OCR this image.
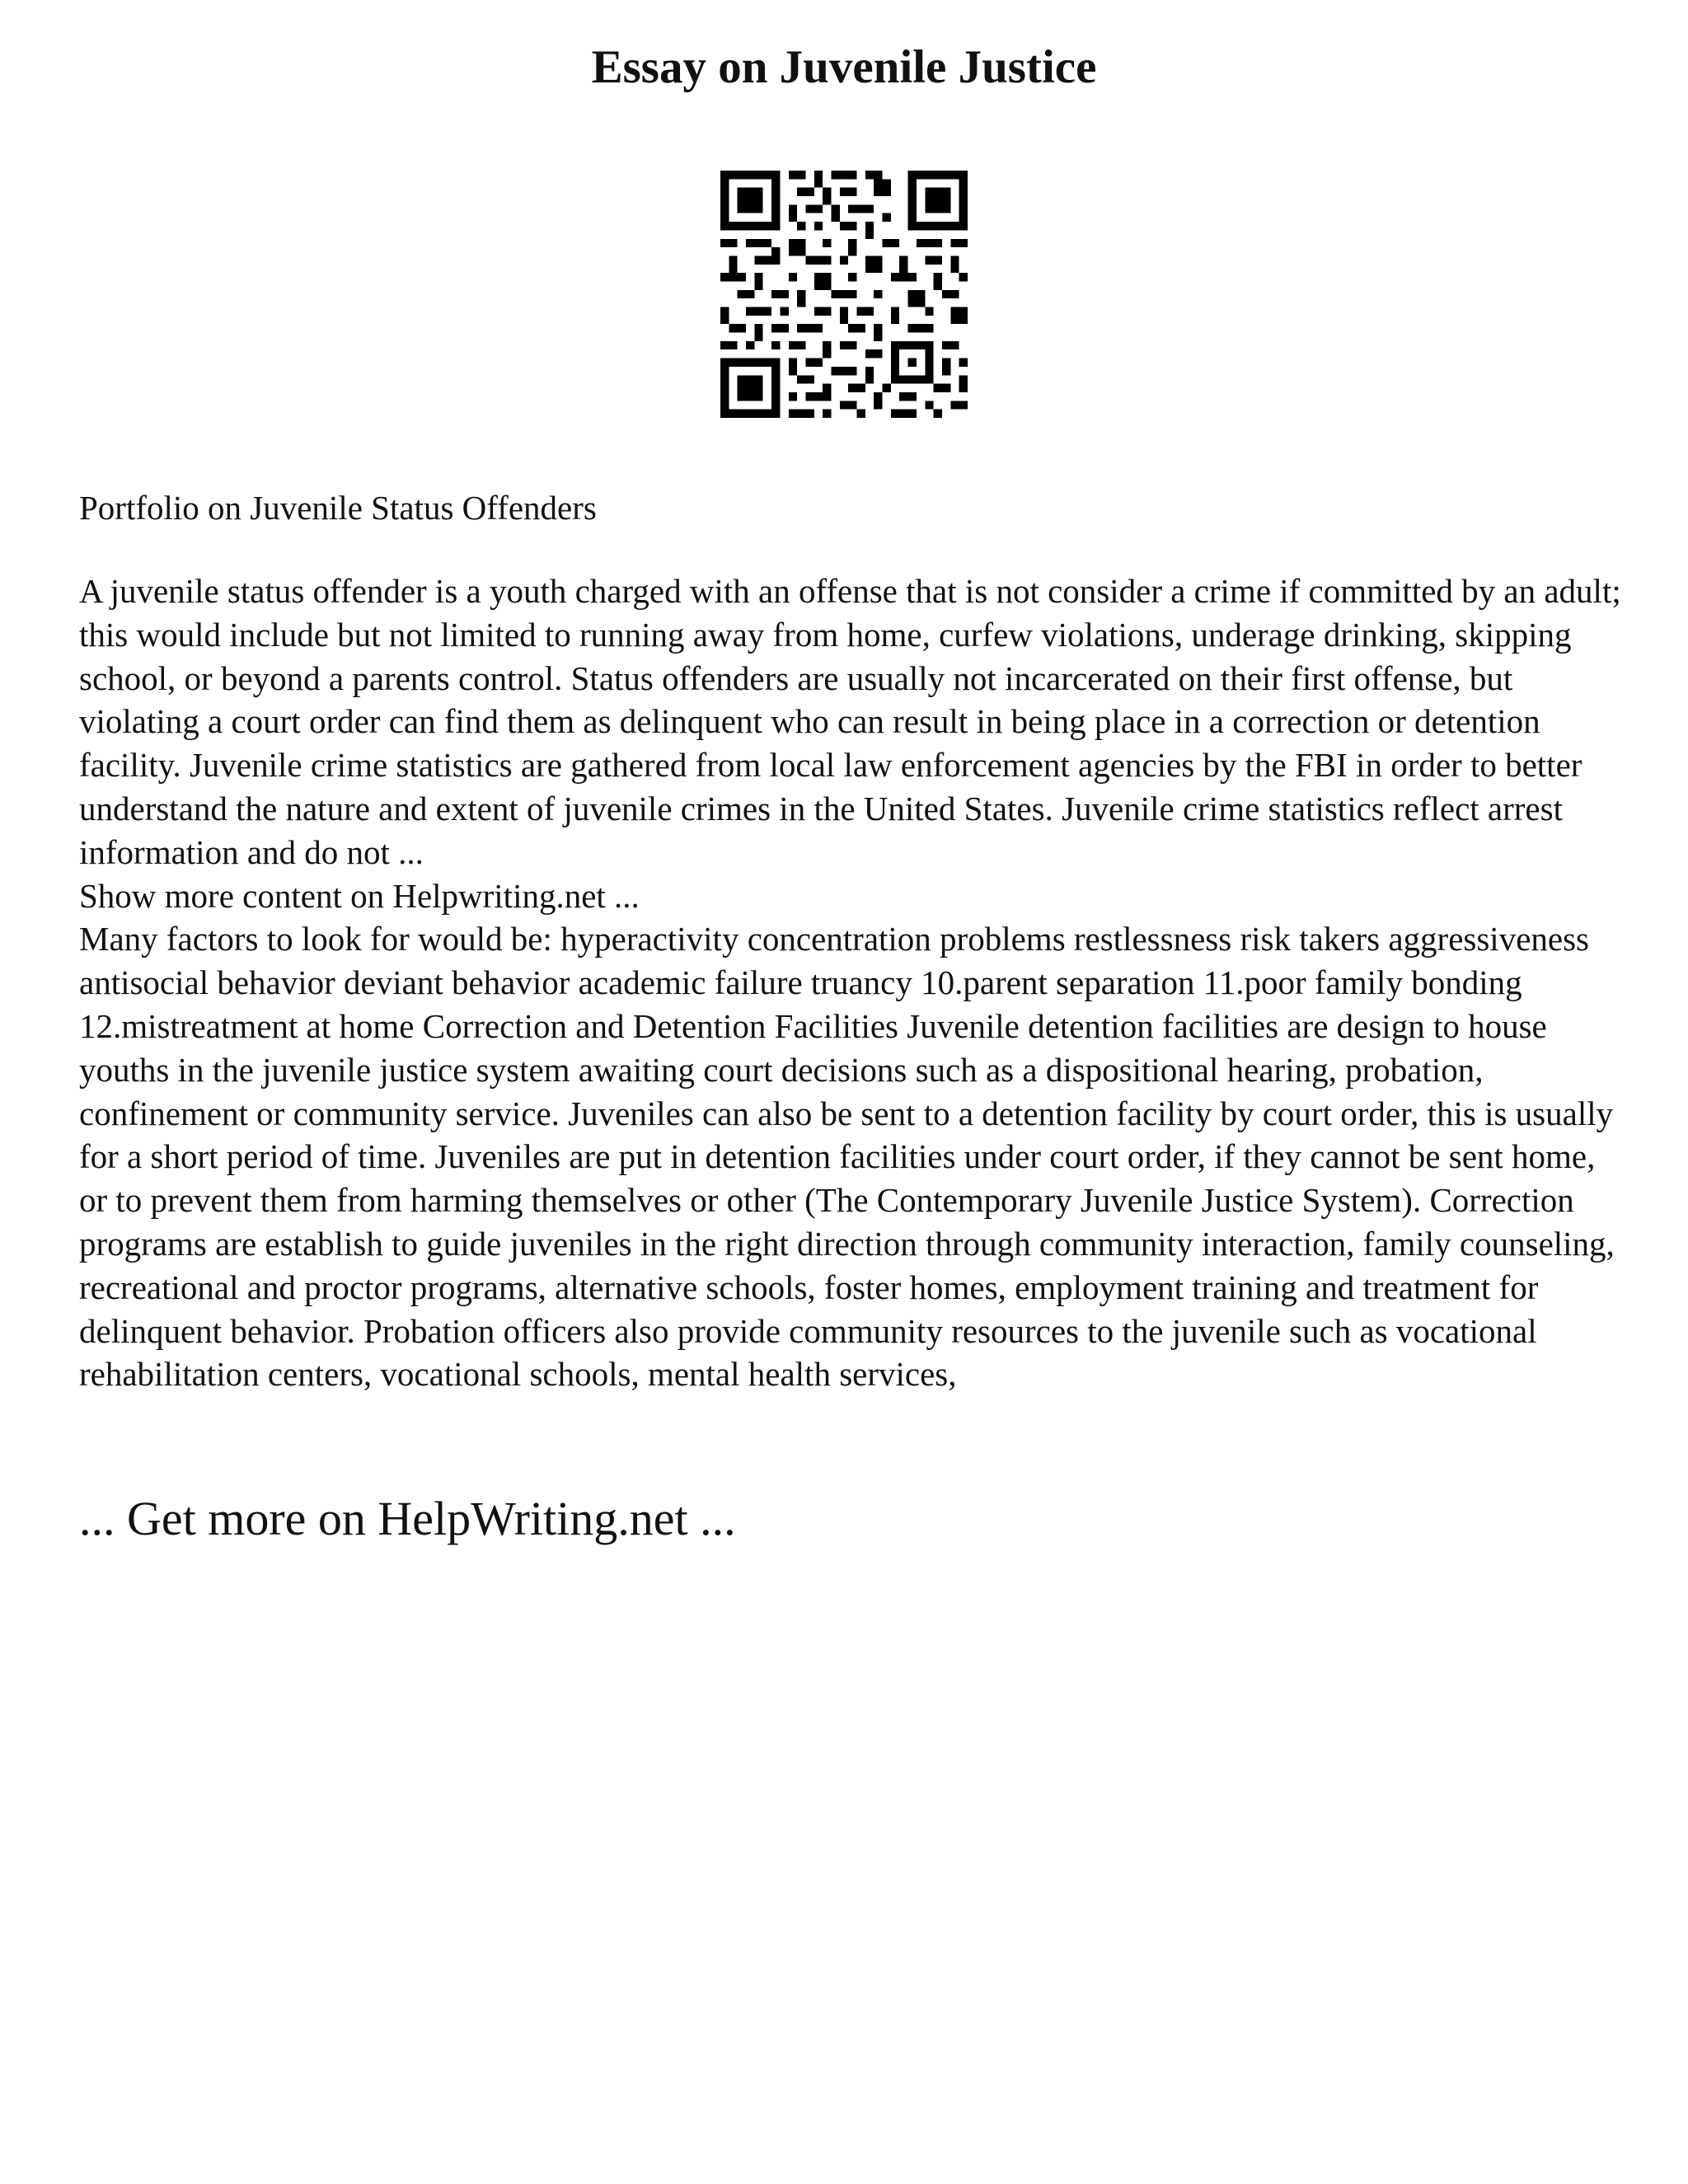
Essay on Juvenile Justice

Portfolio on Juvenile Status Offenders

A juvenile status offender is a youth charged with an offense that is not consider a crime if committed by an adult; this would include but not limited to running away from home, curfew violations, underage drinking, skipping school, or beyond a parents control. Status offenders are usually not incarcerated on their first offense, but violating a court order can find them as delinquent who can result in being place in a correction or detention facility. Juvenile crime statistics are gathered from local law enforcement agencies by the FBI in order to better understand the nature and extent of juvenile crimes in the United States. Juvenile crime statistics reflect arrest information and do not ...

Show more content on Helpwriting.net ...

Many factors to look for would be: hyperactivity concentration problems restlessness risk takers aggressiveness antisocial behavior deviant behavior academic failure truancy 10.parent separation 11.poor family bonding 12.mistreatment at home Correction and Detention Facilities Juvenile detention facilities are design to house youths in the juvenile justice system awaiting court decisions such as a dispositional hearing, probation, confinement or community service. Juveniles can also be sent to a detention facility by court order, this is usually for a short period of time. Juveniles are put in detention facilities under court order, if they cannot be sent home, or to prevent them from harming themselves or other (The Contemporary Juvenile Justice System). Correction programs are establish to guide juveniles in the right direction through community interaction, family counseling, recreational and proctor programs, alternative schools, foster homes, employment training and treatment for delinquent behavior. Probation officers also provide community resources to the juvenile such as vocational rehabilitation centers, vocational schools, mental health services,

... Get more on HelpWriting.net ...
